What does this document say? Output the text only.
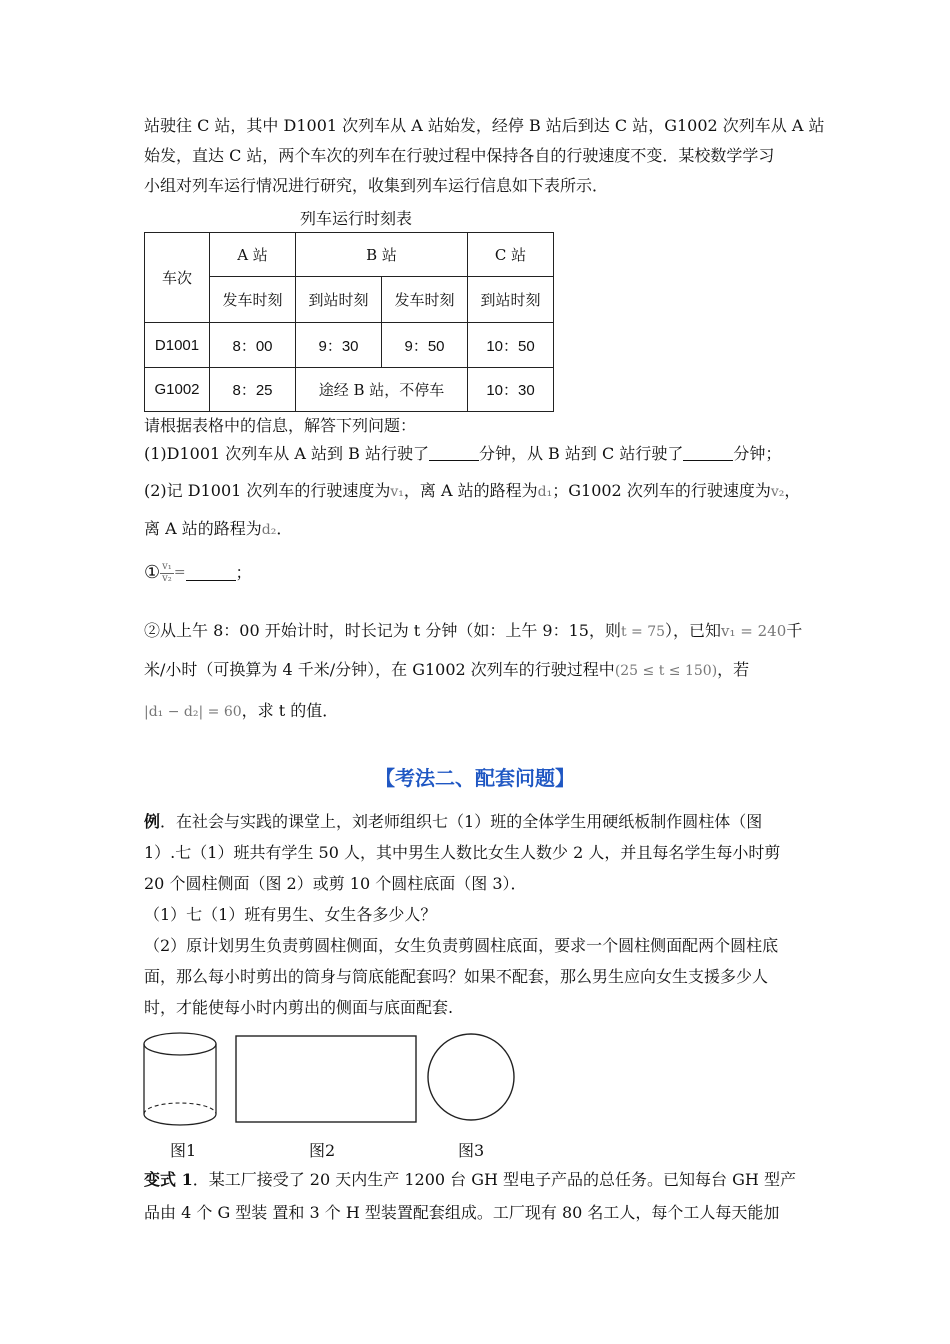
站驶往 C 站，其中 D1001 次列车从 A 站始发，经停 B 站后到达 C 站，G1002 次列车从 A 站
始发，直达 C 站，两个车次的列车在行驶过程中保持各自的行驶速度不变．某校数学学习
小组对列车运行情况进行研究，收集到列车运行信息如下表所示．
列车运行时刻表
车次	A 站	B 站		C 站
	发车时刻	到站时刻	发车时刻	到站时刻
D1001	8：00	9：30	9：50	10：50
G1002	8：25	途经 B 站，不停车		10：30
请根据表格中的信息，解答下列问题：
(1)D1001 次列车从 A 站到 B 站行驶了	分钟，从 B 站到 C 站行驶了	分钟；
(2)记 D1001 次列车的行驶速度为v₁，离 A 站的路程为d₁；G1002 次列车的行驶速度为v₂，
离 A 站的路程为d₂．
① $\frac{\text{v₁}}{\text{v₂}}$ =	；
②从上午 8：00 开始计时，时长记为 t 分钟（如：上午 9：15，则t = 75），已知v₁ = 240千
米/小时（可换算为 4 千米/分钟），在 G1002 次列车的行驶过程中(25 ≤ t ≤ 150)，若
|d₁ − d₂| = 60，求 t 的值．
【考法二、配套问题】
例．在社会与实践的课堂上，刘老师组织七（1）班的全体学生用硬纸板制作圆柱体（图
1）.七（1）班共有学生 50 人，其中男生人数比女生人数少 2 人，并且每名学生每小时剪
20 个圆柱侧面（图 2）或剪 10 个圆柱底面（图 3）．
（1）七（1）班有男生、女生各多少人？
（2）原计划男生负责剪圆柱侧面，女生负责剪圆柱底面，要求一个圆柱侧面配两个圆柱底
面，那么每小时剪出的筒身与筒底能配套吗？如果不配套，那么男生应向女生支援多少人
时，才能使每小时内剪出的侧面与底面配套.
图1	图2	图3
变式 1．某工厂接受了 20 天内生产 1200 台 GH 型电子产品的总任务。已知每台 GH 型产
品由 4 个 G 型装 置和 3 个 H 型装置配套组成。工厂现有 80 名工人，每个工人每天能加
